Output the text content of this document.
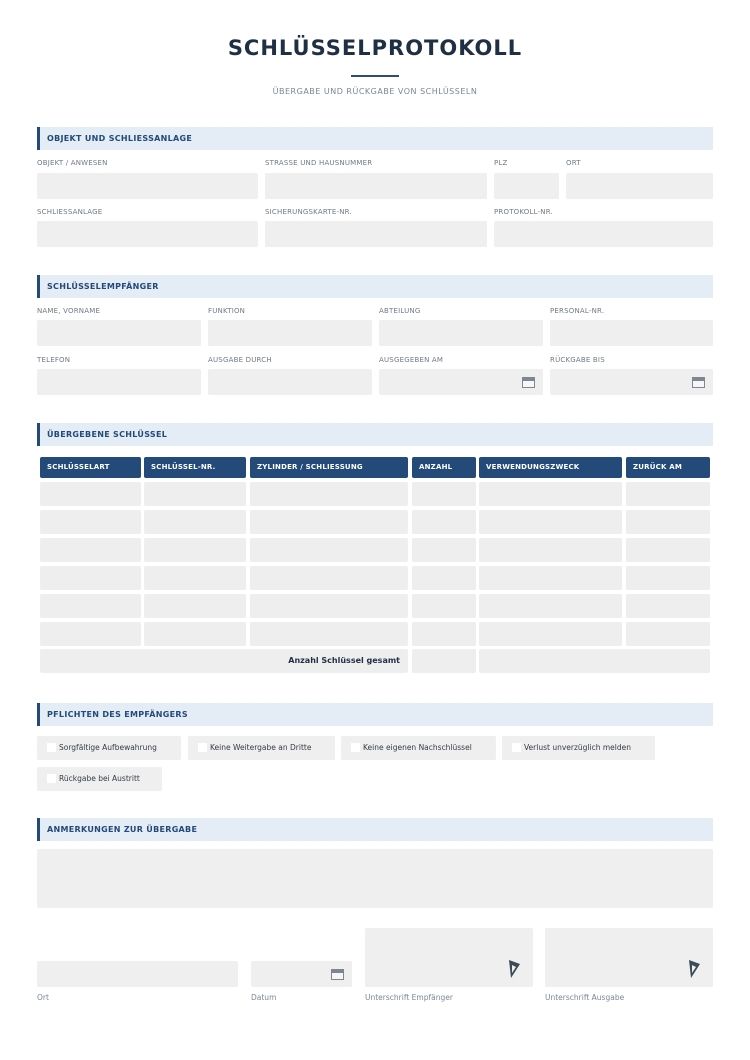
SCHLÜSSELPROTOKOLL
ÜBERGABE UND RÜCKGABE VON SCHLÜSSELN
OBJEKT UND SCHLIESSANLAGE
OBJEKT / ANWESEN	STRASSE UND HAUSNUMMER	PLZ	ORT
SCHLIESSANLAGE	SICHERUNGSKARTE-NR.	PROTOKOLL-NR.
SCHLÜSSELEMPFÄNGER
NAME, VORNAME	FUNKTION	ABTEILUNG	PERSONAL-NR.
TELEFON	AUSGABE DURCH	AUSGEGEBEN AM	RÜCKGABE BIS
ÜBERGEBENE SCHLÜSSEL
SCHLÜSSELART	SCHLÜSSEL-NR.	ZYLINDER / SCHLIESSUNG	ANZAHL	VERWENDUNGSZWECK	ZURÜCK AM
Anzahl Schlüssel gesamt
PFLICHTEN DES EMPFÄNGERS
Sorgfältige Aufbewahrung	Keine Weitergabe an Dritte	Keine eigenen Nachschlüssel	Verlust unverzüglich melden
Rückgabe bei Austritt
ANMERKUNGEN ZUR ÜBERGABE
Ort	Datum	Unterschrift Empfänger	Unterschrift Ausgabe
